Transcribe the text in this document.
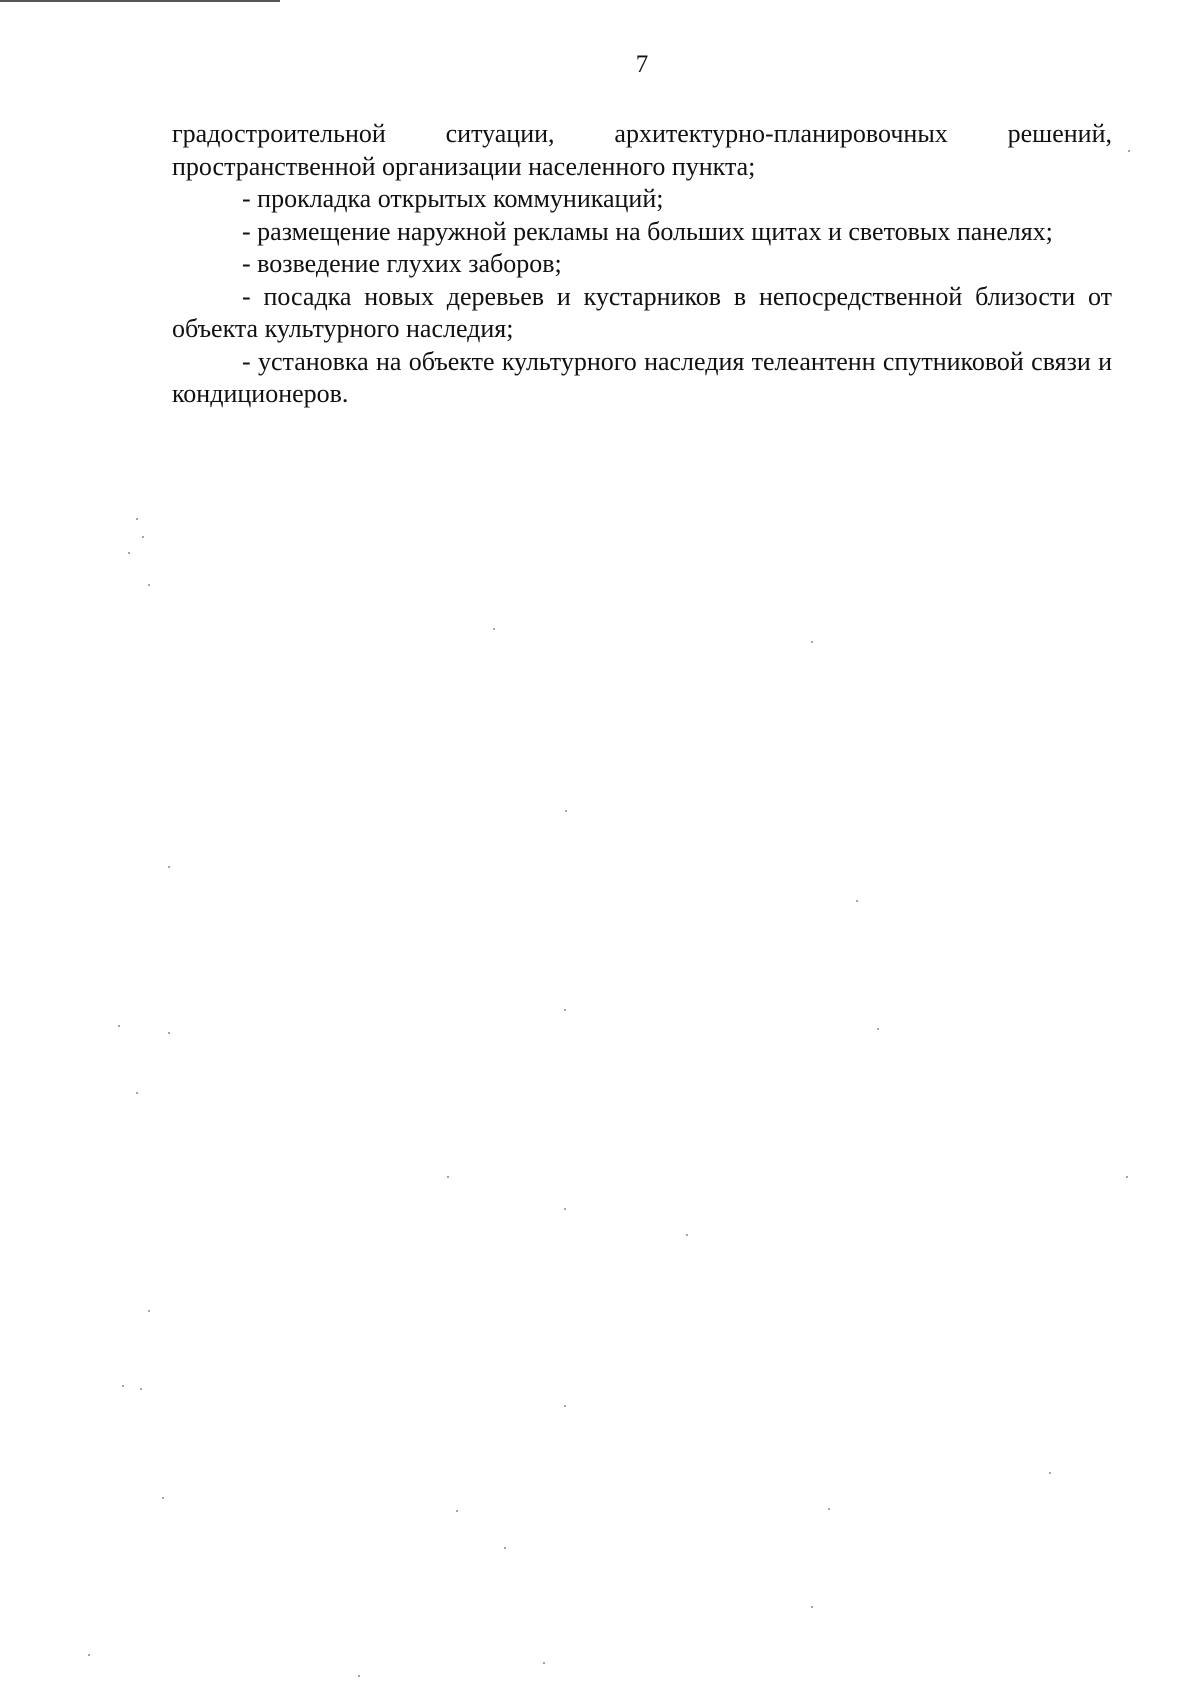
7

градостроительной ситуации, архитектурно-планировочных решений, пространственной организации населенного пункта;

- прокладка открытых коммуникаций;

- размещение наружной рекламы на больших щитах и световых панелях;

- возведение глухих заборов;

- посадка новых деревьев и кустарников в непосредственной близости от объекта культурного наследия;

- установка на объекте культурного наследия телеантенн спутниковой связи и кондиционеров.
